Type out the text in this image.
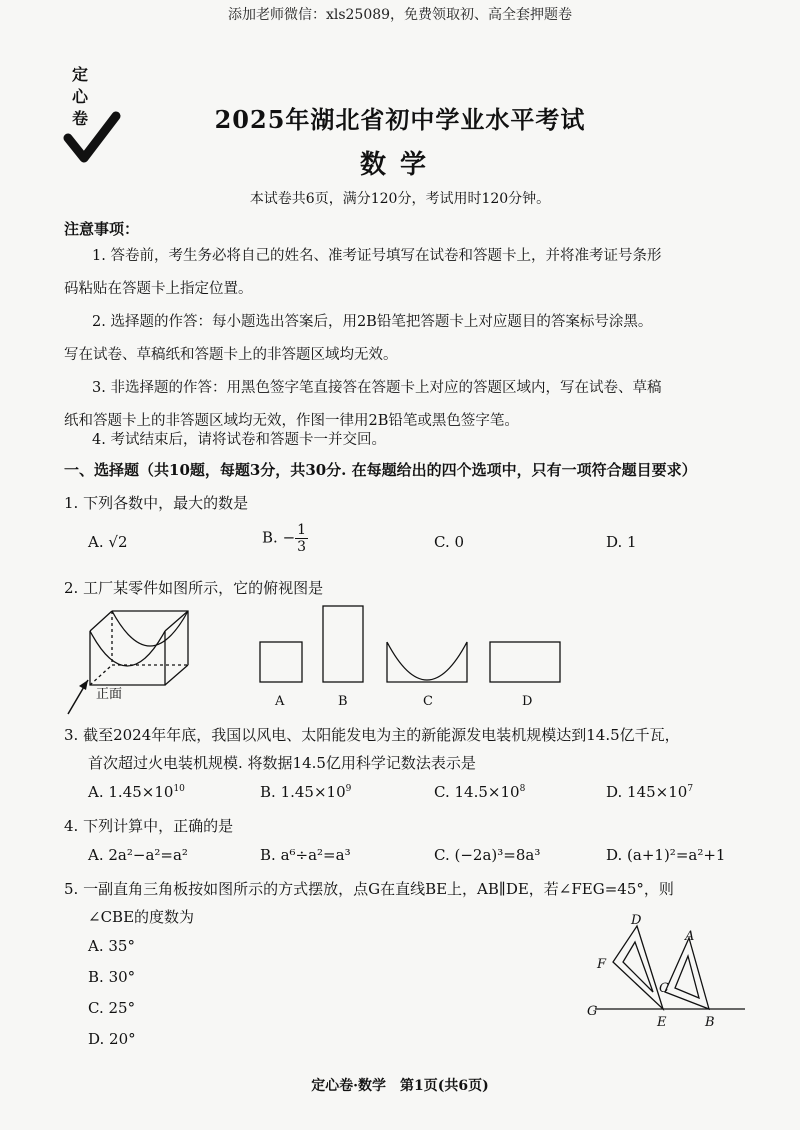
添加老师微信：xls25089，免费领取初、高全套押题卷
定
心
卷	2025年湖北省初中学业水平考试
数学
本试卷共6页，满分120分，考试用时120分钟。
注意事项：
1. 答卷前，考生务必将自己的姓名、准考证号填写在试卷和答题卡上，并将准考证号条形
码粘贴在答题卡上指定位置。
2. 选择题的作答：每小题选出答案后，用2B铅笔把答题卡上对应题目的答案标号涂黑。
写在试卷、草稿纸和答题卡上的非答题区域均无效。
3. 非选择题的作答：用黑色签字笔直接答在答题卡上对应的答题区域内，写在试卷、草稿
纸和答题卡上的非答题区域均无效，作图一律用2B铅笔或黑色签字笔。
4. 考试结束后，请将试卷和答题卡一并交回。
一、选择题（共10题，每题3分，共30分. 在每题给出的四个选项中，只有一项符合题目要求）
1. 下列各数中，最大的数是
A. √2	B. − $\frac{1}{3}$	C. 0	D. 1
2. 工厂某零件如图所示，它的俯视图是
正面	A	B	C	D
3. 截至2024年年底，我国以风电、太阳能发电为主的新能源发电装机规模达到14.5亿千瓦，
首次超过火电装机规模. 将数据14.5亿用科学记数法表示是
A. $1.45\times 10^{10}$	B. $1.45\times 10^9$	C. $14.5\times 10^8$	D. $145\times 10^7$
4. 下列计算中，正确的是
A. 2a²−a²=a²	B. a⁶÷a²=a³	C. (−2a)³=8a³	D. (a+1)²=a²+1
5. 一副直角三角板按如图所示的方式摆放，点G在直线BE上，AB∥DE，若∠FEG=45°，则
∠CBE的度数为
A. 35°
B. 30°
C. 25°
D. 20°
D
A
F
C
G
E	B
定心卷·数学　第1页(共6页)
